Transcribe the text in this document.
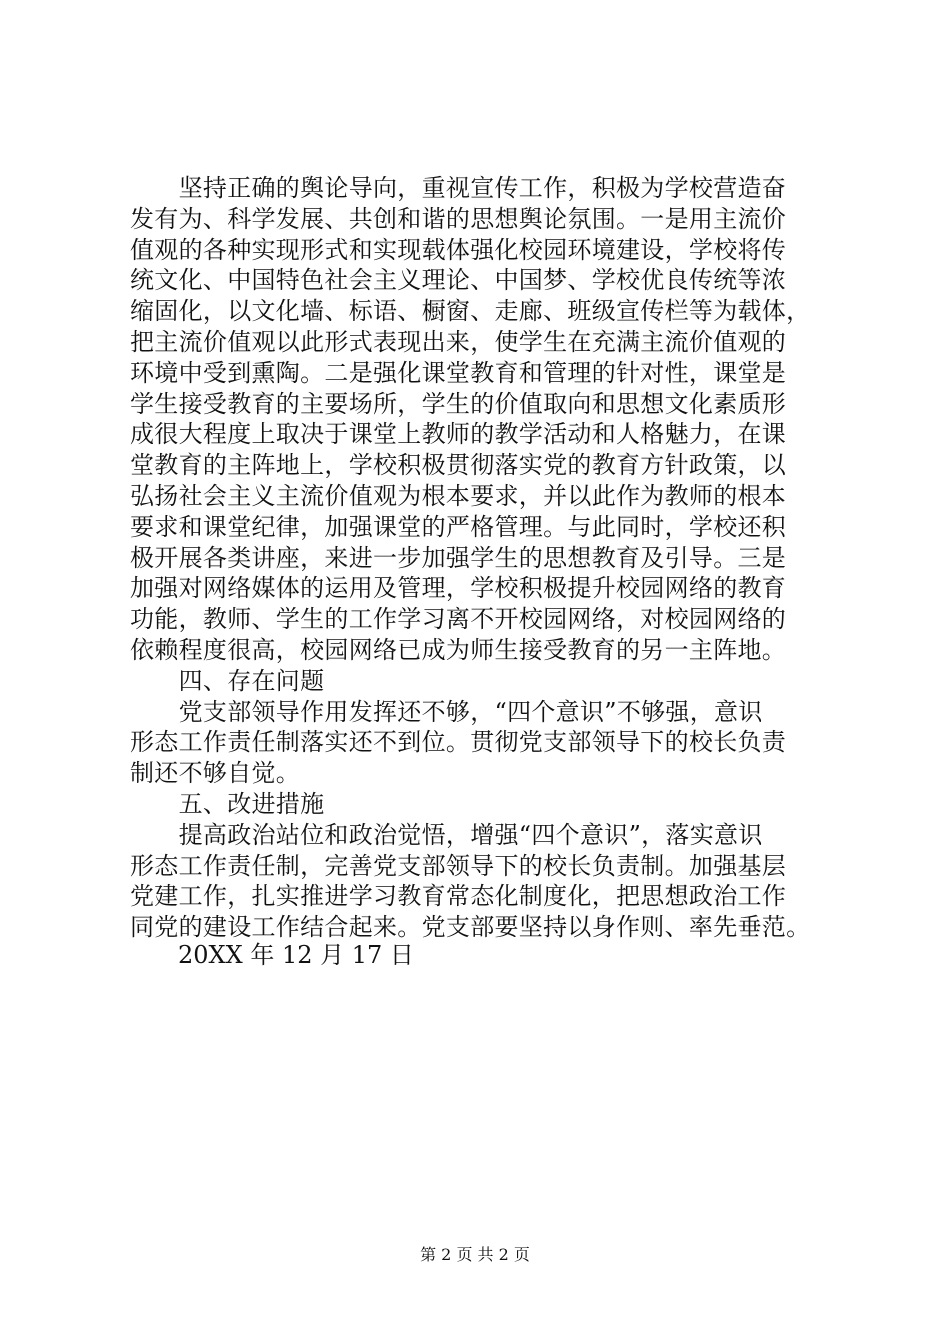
　　坚持正确的舆论导向，重视宣传工作，积极为学校营造奋
发有为、科学发展、共创和谐的思想舆论氛围。一是用主流价
值观的各种实现形式和实现载体强化校园环境建设，学校将传
统文化、中国特色社会主义理论、中国梦、学校优良传统等浓
缩固化，以文化墙、标语、橱窗、走廊、班级宣传栏等为载体，
把主流价值观以此形式表现出来，使学生在充满主流价值观的
环境中受到熏陶。二是强化课堂教育和管理的针对性，课堂是
学生接受教育的主要场所，学生的价值取向和思想文化素质形
成很大程度上取决于课堂上教师的教学活动和人格魅力，在课
堂教育的主阵地上，学校积极贯彻落实党的教育方针政策，以
弘扬社会主义主流价值观为根本要求，并以此作为教师的根本
要求和课堂纪律，加强课堂的严格管理。与此同时，学校还积
极开展各类讲座，来进一步加强学生的思想教育及引导。三是
加强对网络媒体的运用及管理，学校积极提升校园网络的教育
功能，教师、学生的工作学习离不开校园网络，对校园网络的
依赖程度很高，校园网络已成为师生接受教育的另一主阵地。
　　四、存在问题
　　党支部领导作用发挥还不够，“四个意识”不够强，意识
形态工作责任制落实还不到位。贯彻党支部领导下的校长负责
制还不够自觉。
　　五、改进措施
　　提高政治站位和政治觉悟，增强“四个意识”，落实意识
形态工作责任制，完善党支部领导下的校长负责制。加强基层
党建工作，扎实推进学习教育常态化制度化，把思想政治工作
同党的建设工作结合起来。党支部要坚持以身作则、率先垂范。
20XX 年 12 月 17 日
第 2 页 共 2 页
